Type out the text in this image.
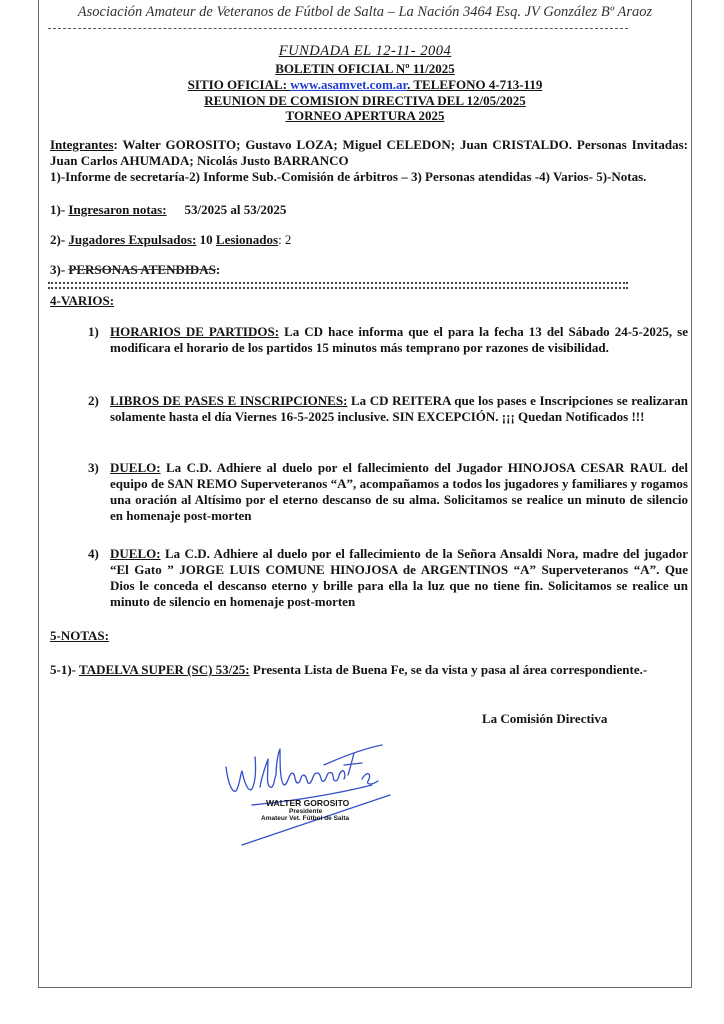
Asociación Amateur de Veteranos de Fútbol de Salta – La Nación 3464 Esq. JV González Bº Araoz
FUNDADA EL 12-11- 2004
BOLETIN OFICIAL Nº 11/2025
SITIO OFICIAL: www.asamvet.com.ar. TELEFONO 4-713-119
REUNION DE COMISION DIRECTIVA DEL 12/05/2025
TORNEO APERTURA 2025
Integrantes: Walter GOROSITO; Gustavo LOZA; Miguel CELEDON; Juan CRISTALDO. Personas Invitadas: Juan Carlos AHUMADA; Nicolás Justo BARRANCO
1)-Informe de secretaría-2) Informe Sub.-Comisión de árbitros – 3) Personas atendidas -4) Varios- 5)-Notas.
1)- Ingresaron notas: 53/2025 al 53/2025
2)- Jugadores Expulsados: 10 Lesionados: 2
3)- PERSONAS ATENDIDAS:
4-VARIOS:
1) HORARIOS DE PARTIDOS: La CD hace informa que el para la fecha 13 del Sábado 24-5-2025, se modificara el horario de los partidos 15 minutos más temprano por razones de visibilidad.
2) LIBROS DE PASES E INSCRIPCIONES: La CD REITERA que los pases e Inscripciones se realizaran solamente hasta el día Viernes 16-5-2025 inclusive. SIN EXCEPCIÓN. ¡¡¡ Quedan Notificados !!!
3) DUELO: La C.D. Adhiere al duelo por el fallecimiento del Jugador HINOJOSA CESAR RAUL del equipo de SAN REMO Superveteranos “A”, acompañamos a todos los jugadores y familiares y rogamos una oración al Altísimo por el eterno descanso de su alma. Solicitamos se realice un minuto de silencio en homenaje post-morten
4) DUELO: La C.D. Adhiere al duelo por el fallecimiento de la Señora Ansaldi Nora, madre del jugador “El Gato ” JORGE LUIS COMUNE HINOJOSA de ARGENTINOS “A” Superveteranos “A”. Que Dios le conceda el descanso eterno y brille para ella la luz que no tiene fin. Solicitamos se realice un minuto de silencio en homenaje post-morten
5-NOTAS:
5-1)- TADELVA SUPER (SC) 53/25: Presenta Lista de Buena Fe, se da vista y pasa al área correspondiente.-
La Comisión Directiva
WALTER GOROSITO
Presidente
Amateur Vet. Fútbol de Salta
